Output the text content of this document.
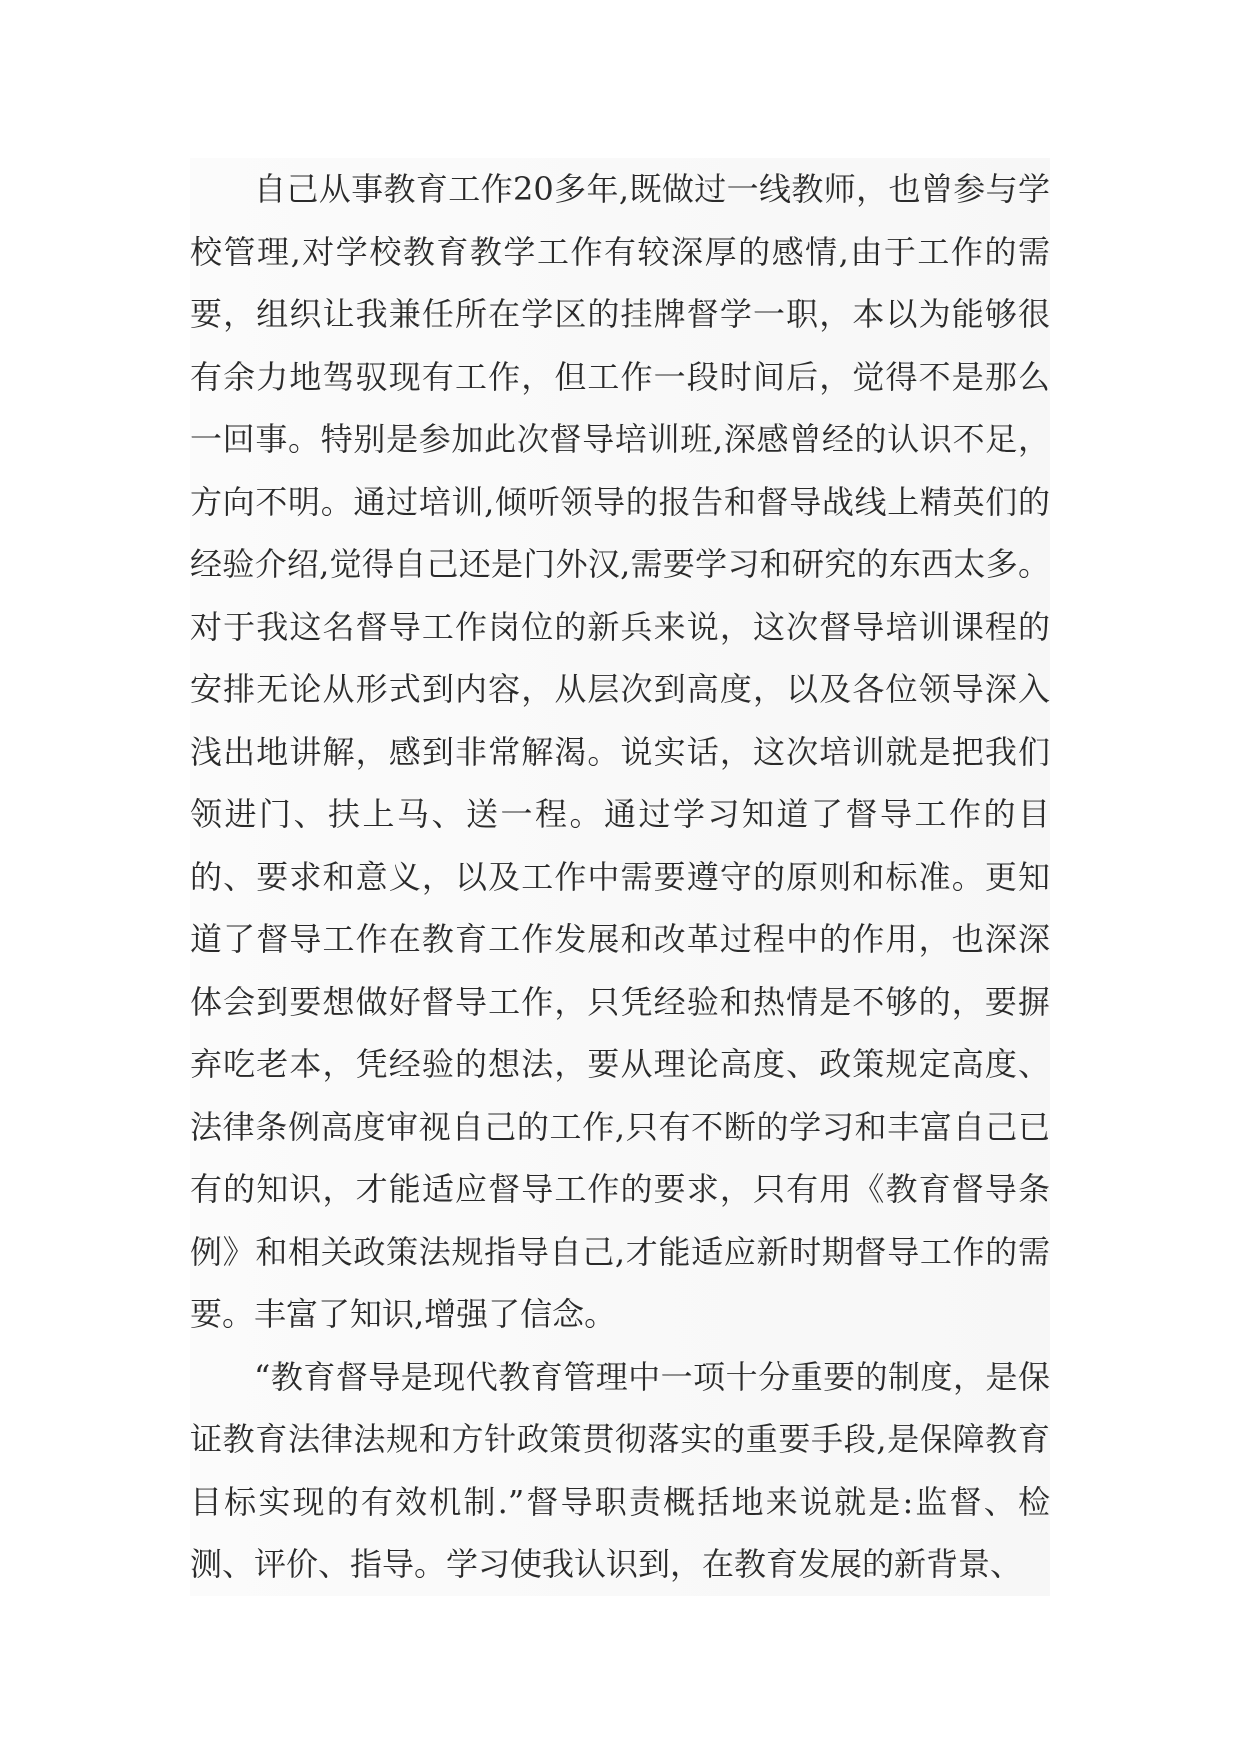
自己从事教育工作20多年,既做过一线教师，也曾参与学校管理,对学校教育教学工作有较深厚的感情,由于工作的需要，组织让我兼任所在学区的挂牌督学一职，本以为能够很有余力地驾驭现有工作，但工作一段时间后，觉得不是那么一回事。特别是参加此次督导培训班,深感曾经的认识不足，方向不明。通过培训,倾听领导的报告和督导战线上精英们的经验介绍,觉得自己还是门外汉,需要学习和研究的东西太多。对于我这名督导工作岗位的新兵来说，这次督导培训课程的安排无论从形式到内容，从层次到高度，以及各位领导深入浅出地讲解，感到非常解渴。说实话，这次培训就是把我们领进门、扶上马、送一程。通过学习知道了督导工作的目的、要求和意义，以及工作中需要遵守的原则和标准。更知道了督导工作在教育工作发展和改革过程中的作用，也深深体会到要想做好督导工作，只凭经验和热情是不够的，要摒弃吃老本，凭经验的想法，要从理论高度、政策规定高度、法律条例高度审视自己的工作,只有不断的学习和丰富自己已有的知识，才能适应督导工作的要求，只有用《教育督导条例》和相关政策法规指导自己,才能适应新时期督导工作的需要。丰富了知识,增强了信念。

“教育督导是现代教育管理中一项十分重要的制度，是保证教育法律法规和方针政策贯彻落实的重要手段,是保障教育目标实现的有效机制.”督导职责概括地来说就是:监督、检测、评价、指导。学习使我认识到，在教育发展的新背景、
